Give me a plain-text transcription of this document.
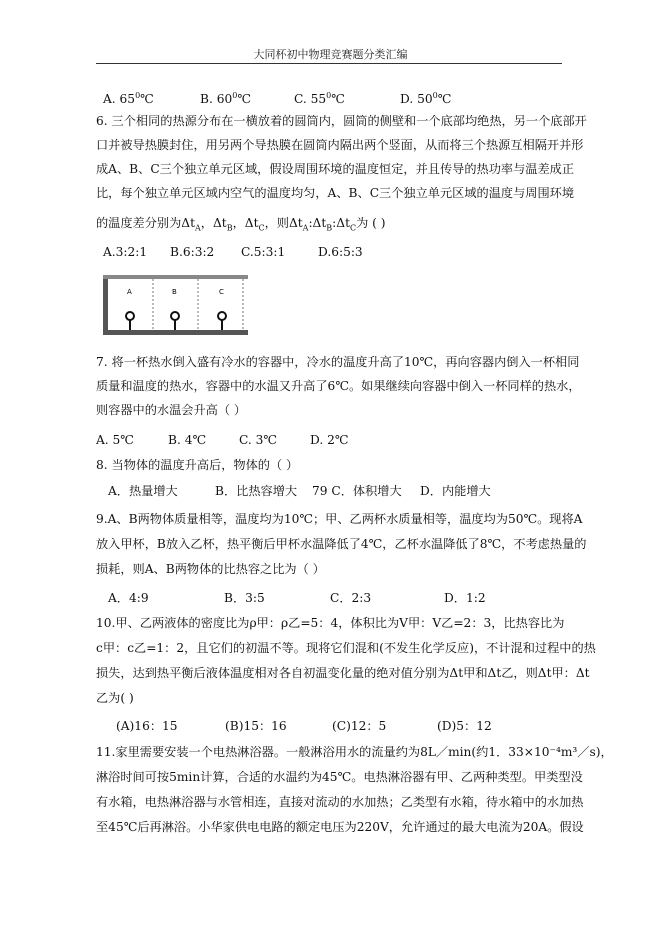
大同杯初中物理竞赛题分类汇编
A. $65^0℃$	B. $60^0℃$	C. $55^0℃$	D. $50^0℃$
6. 三个相同的热源分布在一横放着的圆筒内，圆筒的侧壁和一个底部均绝热，另一个底部开
口并被导热膜封住，用另两个导热膜在圆筒内隔出两个竖面，从而将三个热源互相隔开并形
成A、B、C三个独立单元区域，假设周围环境的温度恒定，并且传导的热功率与温差成正
比，每个独立单元区域内空气的温度均匀，A、B、C三个独立单元区域的温度与周围环境
的温度差分别为$\Delta t_A$，$\Delta t_B$，$\Delta t_C$，则$\Delta t_A:\Delta t_B:\Delta t_C$为 ( )
A.3:2:1 B.6:3:2 C.5:3:1	D.6:5:3
A	B	C
7. 将一杯热水倒入盛有冷水的容器中，冷水的温度升高了10℃，再向容器内倒入一杯相同
质量和温度的热水，容器中的水温又升高了6℃。如果继续向容器中倒入一杯同样的热水，
则容器中的水温会升高（ ）
A. 5℃	B. 4℃	C. 3℃	D. 2℃
8. 当物体的温度升高后，物体的（ ）
A．热量增大	B．比热容增大 79 C．体积增大 D．内能增大
9.A、B两物体质量相等，温度均为10℃；甲、乙两杯水质量相等，温度均为50℃。现将A
放入甲杯，B放入乙杯，热平衡后甲杯水温降低了4℃，乙杯水温降低了8℃，不考虑热量的
损耗，则A、B两物体的比热容之比为（ ）
A．4:9	B．3:5	C．2:3	D．1:2
10.甲、乙两液体的密度比为ρ甲：ρ乙=5：4，体积比为V甲：V乙=2：3，比热容比为
c甲：c乙=1：2，且它们的初温不等。现将它们混和(不发生化学反应)，不计混和过程中的热
损失，达到热平衡后液体温度相对各自初温变化量的绝对值分别为Δt甲和Δt乙，则Δt甲：Δt
乙为( )
(A)16：15	(B)15：16	(C)12：5	(D)5：12
11.家里需要安装一个电热淋浴器。一般淋浴用水的流量约为8L／min(约1．33×10⁻⁴m³／s)，
淋浴时间可按5min计算，合适的水温约为45℃。电热淋浴器有甲、乙两种类型。甲类型没
有水箱，电热淋浴器与水管相连，直接对流动的水加热；乙类型有水箱，待水箱中的水加热
至45℃后再淋浴。小华家供电电路的额定电压为220V，允许通过的最大电流为20A。假设
